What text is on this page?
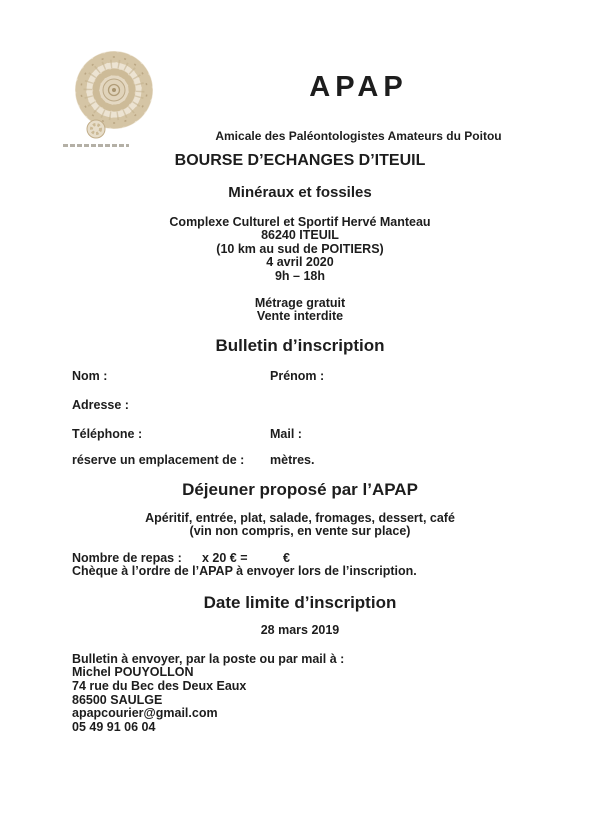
APAP
Amicale des Paléontologistes Amateurs du Poitou
BOURSE D’ECHANGES D’ITEUIL
Minéraux et fossiles
Complexe Culturel et Sportif Hervé Manteau
86240 ITEUIL
(10 km au sud de POITIERS)
4 avril 2020
9h – 18h
Métrage gratuit
Vente interdite
Bulletin d’inscription
Nom :	Prénom :
Adresse :
Téléphone :	Mail :
réserve un emplacement de : mètres.
Déjeuner proposé par l’APAP
Apéritif, entrée, plat, salade, fromages, dessert, café
(vin non compris, en vente sur place)
Nombre de repas : x 20 € =	€
Chèque à l’ordre de l’APAP à envoyer lors de l’inscription.
Date limite d’inscription
28 mars 2019
Bulletin à envoyer, par la poste ou par mail à :
Michel POUYOLLON
74 rue du Bec des Deux Eaux
86500 SAULGE
apapcourier@gmail.com
05 49 91 06 04
